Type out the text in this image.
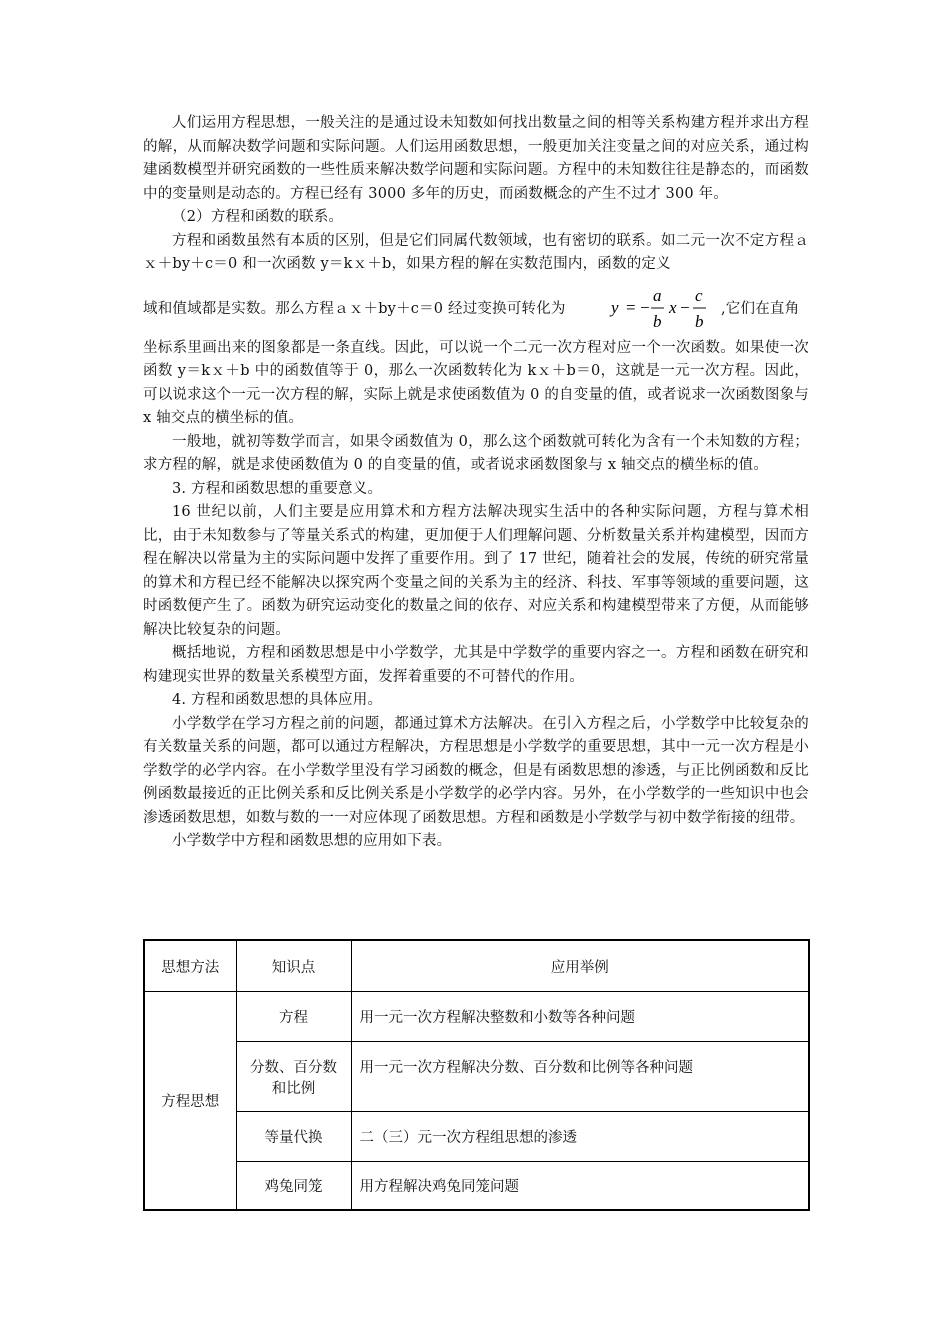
人们运用方程思想，一般关注的是通过设未知数如何找出数量之间的相等关系构建方程并求出方程的解，从而解决数学问题和实际问题。人们运用函数思想，一般更加关注变量之间的对应关系，通过构建函数模型并研究函数的一些性质来解决数学问题和实际问题。方程中的未知数往往是静态的，而函数中的变量则是动态的。方程已经有 3000 多年的历史，而函数概念的产生不过才 300 年。

（2）方程和函数的联系。

方程和函数虽然有本质的区别，但是它们同属代数领域，也有密切的联系。如二元一次不定方程ａｘ＋by＋c＝0 和一次函数 y＝kｘ＋b，如果方程的解在实数范围内，函数的定义

域和值域都是实数。那么方程ａｘ＋by＋c＝0 经过变换可转化为	y = −
a
b
x −
c
b
,它们在直角

坐标系里画出来的图象都是一条直线。因此，可以说一个二元一次方程对应一个一次函数。如果使一次函数 y＝kｘ＋b 中的函数值等于 0，那么一次函数转化为 kｘ＋b＝0，这就是一元一次方程。因此，可以说求这个一元一次方程的解，实际上就是求使函数值为 0 的自变量的值，或者说求一次函数图象与 x 轴交点的横坐标的值。

一般地，就初等数学而言，如果令函数值为 0，那么这个函数就可转化为含有一个未知数的方程；求方程的解，就是求使函数值为 0 的自变量的值，或者说求函数图象与 x 轴交点的横坐标的值。

3. 方程和函数思想的重要意义。

16 世纪以前，人们主要是应用算术和方程方法解决现实生活中的各种实际问题，方程与算术相比，由于未知数参与了等量关系式的构建，更加便于人们理解问题、分析数量关系并构建模型，因而方程在解决以常量为主的实际问题中发挥了重要作用。到了 17 世纪，随着社会的发展，传统的研究常量的算术和方程已经不能解决以探究两个变量之间的关系为主的经济、科技、军事等领域的重要问题，这时函数便产生了。函数为研究运动变化的数量之间的依存、对应关系和构建模型带来了方便，从而能够解决比较复杂的问题。

概括地说，方程和函数思想是中小学数学，尤其是中学数学的重要内容之一。方程和函数在研究和构建现实世界的数量关系模型方面，发挥着重要的不可替代的作用。

4. 方程和函数思想的具体应用。

小学数学在学习方程之前的问题，都通过算术方法解决。在引入方程之后，小学数学中比较复杂的有关数量关系的问题，都可以通过方程解决，方程思想是小学数学的重要思想，其中一元一次方程是小学数学的必学内容。在小学数学里没有学习函数的概念，但是有函数思想的渗透，与正比例函数和反比例函数最接近的正比例关系和反比例关系是小学数学的必学内容。另外，在小学数学的一些知识中也会渗透函数思想，如数与数的一一对应体现了函数思想。方程和函数是小学数学与初中数学衔接的纽带。

小学数学中方程和函数思想的应用如下表。

思想方法	知识点	应用举例
方程思想	方程	用一元一次方程解决整数和小数等各种问题

	分数、百分数
和比例	用一元一次方程解决分数、百分数和比例等各种问题
	等量代换	二（三）元一次方程组思想的渗透
	鸡兔同笼	用方程解决鸡兔同笼问题
